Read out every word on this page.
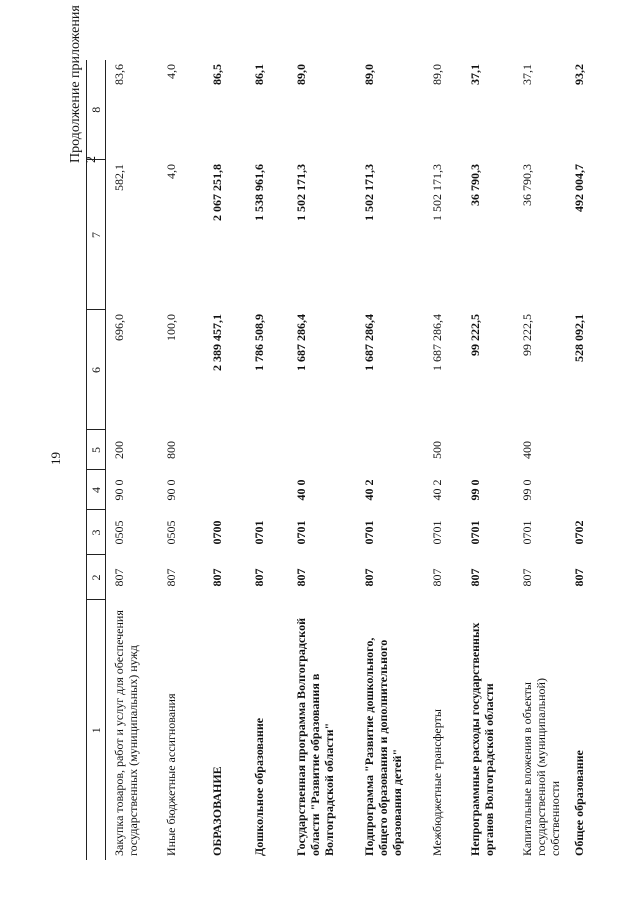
19
Продолжение приложения 2
1	2	3	4	5	6	7	8
Закупка товаров, работ и услуг для обеспечения государственных (муниципальных) нужд	807	0505	90 0	200	696,0	582,1	83,6
Иные бюджетные ассигнования	807	0505	90 0	800	100,0	4,0	4,0
ОБРАЗОВАНИЕ	807	0700			2 389 457,1	2 067 251,8	86,5
Дошкольное образование	807	0701			1 786 508,9	1 538 961,6	86,1
Государственная программа Волгоградской области "Развитие образования в Волгоградской области"	807	0701	40 0		1 687 286,4	1 502 171,3	89,0
Подпрограмма "Развитие дошкольного, общего образования и дополнительного образования детей"	807	0701	40 2		1 687 286,4	1 502 171,3	89,0
Межбюджетные трансферты	807	0701	40 2	500	1 687 286,4	1 502 171,3	89,0
Непрограммные расходы государственных органов Волгоградской области	807	0701	99 0		99 222,5	36 790,3	37,1
Капитальные вложения в объекты государственной (муниципальной) собственности	807	0701	99 0	400	99 222,5	36 790,3	37,1
Общее образование	807	0702			528 092,1	492 004,7	93,2
